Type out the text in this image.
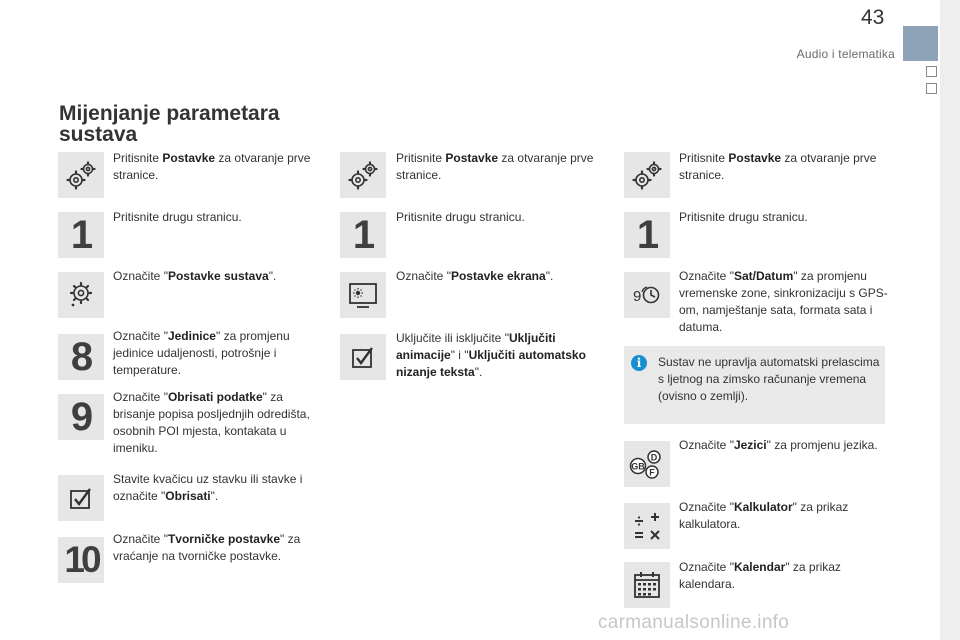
43
Audio i telematika
Mijenjanje parametara sustava
Pritisnite Postavke za otvaranje prve stranice.
1	Pritisnite drugu stranicu.
Označite "Postavke sustava".
8	Označite "Jedinice" za promjenu jedinice udaljenosti, potrošnje i temperature.
9	Označite "Obrisati podatke" za brisanje popisa posljednjih odredišta, osobnih POI mjesta, kontakata u imeniku.
Stavite kvačicu uz stavku ili stavke i označite "Obrisati".
10	Označite "Tvorničke postavke" za vraćanje na tvorničke postavke.
Pritisnite Postavke za otvaranje prve stranice.
1	Pritisnite drugu stranicu.
Označite "Postavke ekrana".
Uključite ili isključite "Uključiti animacije" i "Uključiti automatsko nizanje teksta".
Pritisnite Postavke za otvaranje prve stranice.
1	Pritisnite drugu stranicu.
9
Označite "Sat/Datum" za promjenu vremenske zone, sinkronizaciju s GPS-om, namještanje sata, formata sata i datuma.
i	Sustav ne upravlja automatski prelascima s ljetnog na zimsko računanje vremena (ovisno o zemlji).
GB
D
F
Označite "Jezici" za promjenu jezika.
Označite "Kalkulator" za prikaz kalkulatora.
Označite "Kalendar" za prikaz kalendara.
carmanualsonline.info
